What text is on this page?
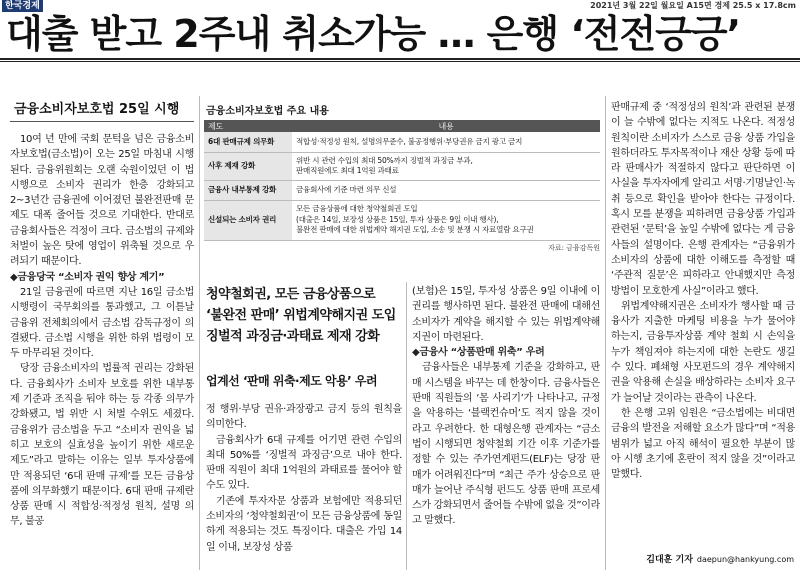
한국경제	2021년 3월 22일 월요일 A15면 경제 25.5 x 17.8cm
대출 받고 2주내 취소가능 … 은행 ‘전전긍긍’
금융소비자보호법 25일 시행

10여 년 만에 국회 문턱을 넘은 금융소비자보호법(금소법)이 오는 25일 마침내 시행된다. 금융위원회는 오랜 숙원이었던 이 법 시행으로 소비자 권리가 한층 강화되고 2~3년간 금융권에 이어졌던 불완전판매 문제도 대폭 줄어들 것으로 기대한다. 반대로 금융회사들은 걱정이 크다. 금소법의 규제와 처벌이 높은 탓에 영업이 위축될 것으로 우려되기 때문이다.

◆금융당국 “소비자 권익 향상 계기”

21일 금융권에 따르면 지난 16일 금소법 시행령이 국무회의를 통과했고, 그 이튿날 금융위 전체회의에서 금소법 감독규정이 의결됐다. 금소법 시행을 위한 하위 법령이 모두 마무리된 것이다.

당장 금융소비자의 법률적 권리는 강화된다. 금융회사가 소비자 보호를 위한 내부통제 기준과 조직을 둬야 하는 등 각종 의무가 강화됐고, 법 위반 시 처벌 수위도 세졌다. 금융위가 금소법을 두고 “소비자 권익을 넓히고 보호의 실효성을 높이기 위한 새로운 제도”라고 말하는 이유는 일부 투자상품에만 적용되던 ‘6대 판매 규제’를 모든 금융상품에 의무화했기 때문이다. 6대 판매 규제란 상품 판매 시 적합성·적정성 원칙, 설명 의무, 불공

금융소비자보호법 주요 내용
제도	내용
6대 판매규제 의무화	적합성·적정성 원칙, 설명의무준수, 불공정행위·부당권유 금지 광고 금지

사후 제재 강화	위반 시 관련 수입의 최대 50%까지 징벌적 과징금 부과,
판매직원에도 최대 1억원 과태료

금융사 내부통제 강화	금융회사에 기준 마련 의무 신설

신설되는 소비자 권리	모든 금융상품에 대한 청약철회권 도입
(대출은 14일, 보장성 상품은 15일, 투자 상품은 9일 이내 행사),
불완전 판매에 대한 위법계약 해지권 도입, 소송 및 분쟁 시 자료열람 요구권
자료: 금융감독원
청약철회권, 모든 금융상품으로
‘불완전 판매’ 위법계약해지권 도입
징벌적 과징금·과태료 제재 강화
업계선 ‘판매 위축·제도 악용’ 우려

정 행위·부당 권유·과장광고 금지 등의 원칙을 의미한다.

금융회사가 6대 규제를 어기면 관련 수입의 최대 50%를 ‘징벌적 과징금’으로 내야 한다. 판매 직원이 최대 1억원의 과태료를 물어야 할 수도 있다.

기존에 투자자문 상품과 보험에만 적용되던 소비자의 ‘청약철회권’이 모든 금융상품에 동일하게 적용되는 것도 특징이다. 대출은 가입 14일 이내, 보장성 상품

(보험)은 15일, 투자성 상품은 9일 이내에 이 권리를 행사하면 된다. 불완전 판매에 대해선 소비자가 계약을 해지할 수 있는 위법계약해지권이 마련된다.

◆금융사 “상품판매 위축” 우려

금융사들은 내부통제 기준을 강화하고, 판매 시스템을 바꾸는 데 한창이다. 금융사들은 판매 직원들의 ‘몸 사리기’가 나타나고, 규정을 악용하는 ‘블랙컨슈머’도 적지 않을 것이라고 우려한다. 한 대형은행 관계자는 “금소법이 시행되면 청약철회 기간 이후 기준가를 정할 수 있는 주가연계펀드(ELF)는 당장 판매가 어려워진다”며 “최근 주가 상승으로 판매가 늘어난 주식형 펀드도 상품 판매 프로세스가 강화되면서 줄어들 수밖에 없을 것”이라고 말했다.

판매규제 중 ‘적정성의 원칙’과 관련된 분쟁이 늘 수밖에 없다는 지적도 나온다. 적정성 원칙이란 소비자가 스스로 금융 상품 가입을 원하더라도 투자목적이나 재산 상황 등에 따라 판매사가 적절하지 않다고 판단하면 이 사실을 투자자에게 알리고 서명·기명날인·녹취 등으로 확인을 받아야 한다는 규정이다. 혹시 모를 분쟁을 피하려면 금융상품 가입과 관련된 ‘문턱’을 높일 수밖에 없다는 게 금융사들의 설명이다. 은행 관계자는 “금융위가 소비자의 상품에 대한 이해도를 측정할 때 ‘주관적 질문’은 피하라고 안내했지만 측정 방법이 모호한게 사실”이라고 했다.

위법계약해지권은 소비자가 행사할 때 금융사가 지출한 마케팅 비용을 누가 물어야 하는지, 금융투자상품 계약 철회 시 손익을 누가 책임져야 하는지에 대한 논란도 생길 수 있다. 폐쇄형 사모펀드의 경우 계약해지권을 악용해 손실을 배상하라는 소비자 요구가 늘어날 것이라는 관측이 나온다.

한 은행 고위 임원은 “금소법에는 비대면 금융의 발전을 저해할 요소가 많다”며 “적용 범위가 넓고 아직 해석이 필요한 부분이 많아 시행 초기에 혼란이 적지 않을 것”이라고 말했다.

김대훈 기자 daepun@hankyung.com
